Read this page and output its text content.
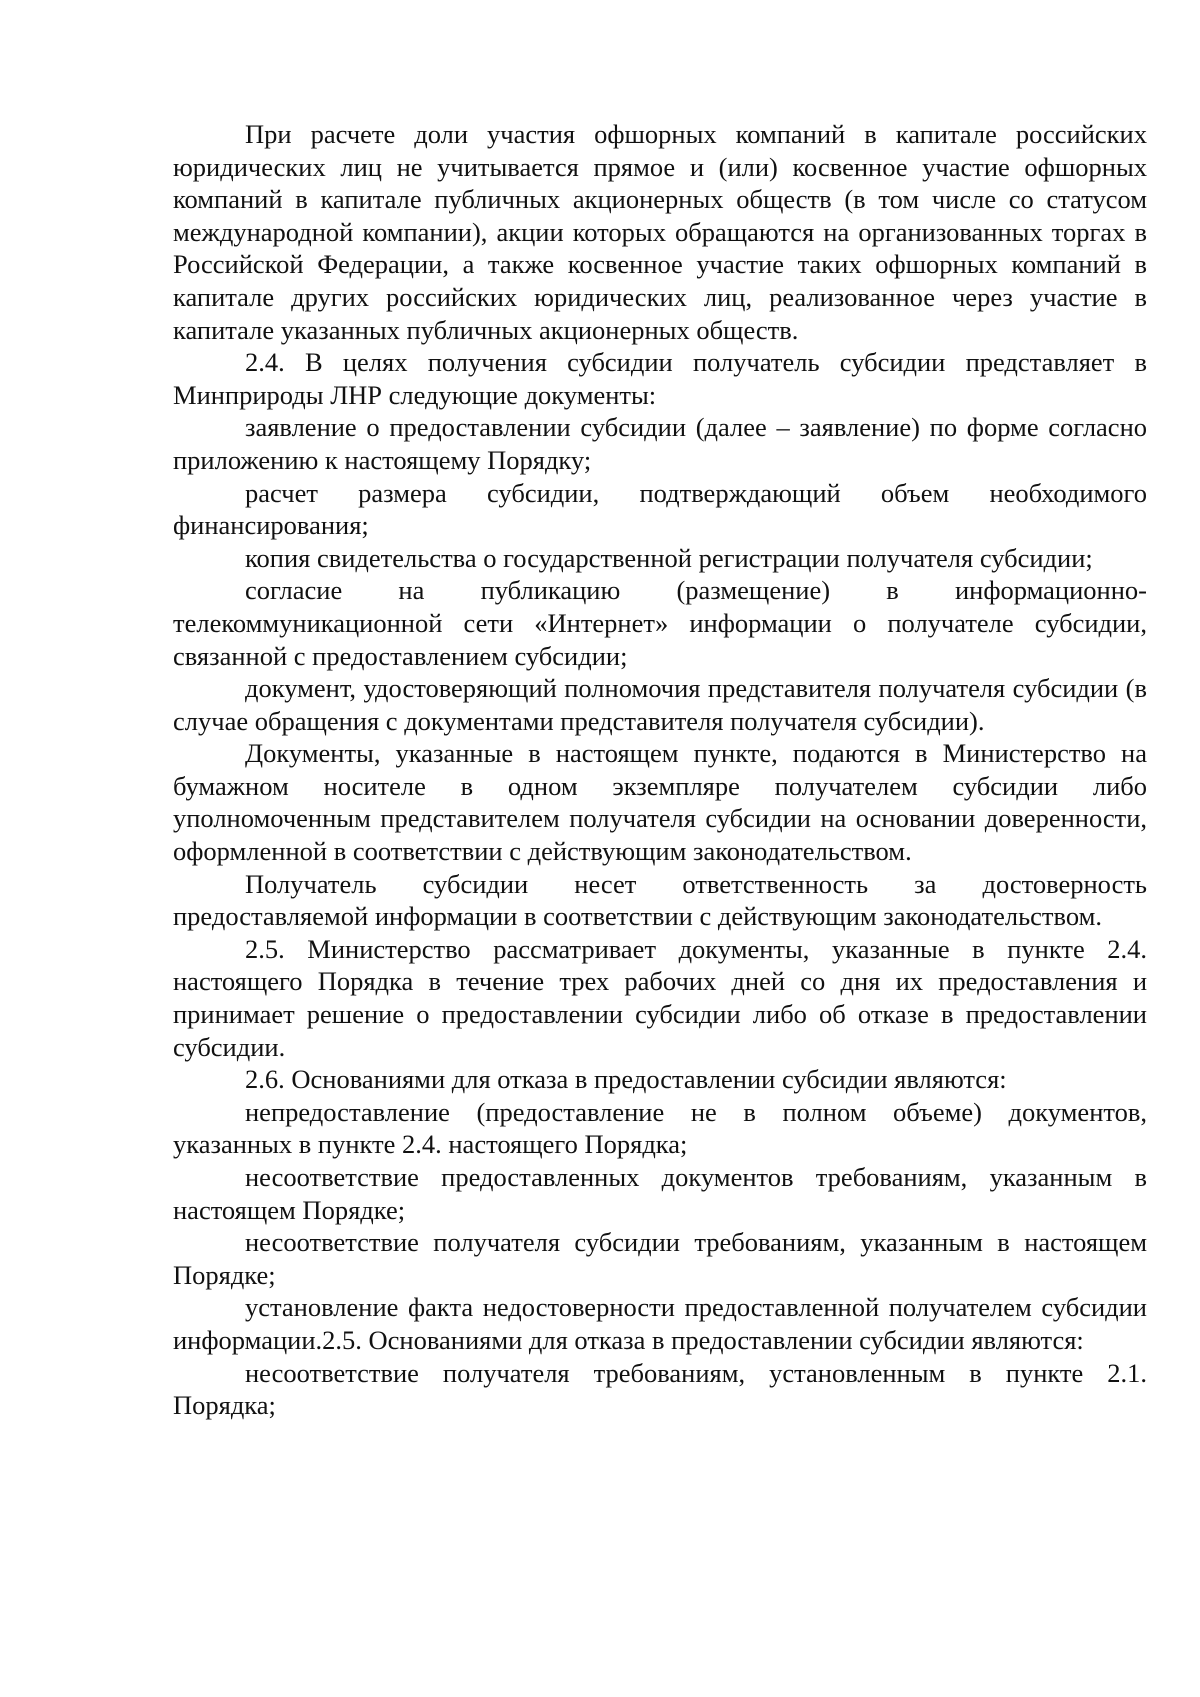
При расчете доли участия офшорных компаний в капитале российских юридических лиц не учитывается прямое и (или) косвенное участие офшорных компаний в капитале публичных акционерных обществ (в том числе со статусом международной компании), акции которых обращаются на организованных торгах в Российской Федерации, а также косвенное участие таких офшорных компаний в капитале других российских юридических лиц, реализованное через участие в капитале указанных публичных акционерных обществ.

2.4. В целях получения субсидии получатель субсидии представляет в Минприроды ЛНР следующие документы:

заявление о предоставлении субсидии (далее – заявление) по форме согласно приложению к настоящему Порядку;

расчет размера субсидии, подтверждающий объем необходимого финансирования;

копия свидетельства о государственной регистрации получателя субсидии;

согласие на публикацию (размещение) в информационно-телекоммуникационной сети «Интернет» информации о получателе субсидии, связанной с предоставлением субсидии;

документ, удостоверяющий полномочия представителя получателя субсидии (в случае обращения с документами представителя получателя субсидии).

Документы, указанные в настоящем пункте, подаются в Министерство на бумажном носителе в одном экземпляре получателем субсидии либо уполномоченным представителем получателя субсидии на основании доверенности, оформленной в соответствии с действующим законодательством.

Получатель субсидии несет ответственность за достоверность предоставляемой информации в соответствии с действующим законодательством.

2.5. Министерство рассматривает документы, указанные в пункте 2.4. настоящего Порядка в течение трех рабочих дней со дня их предоставления и принимает решение о предоставлении субсидии либо об отказе в предоставлении субсидии.

2.6. Основаниями для отказа в предоставлении субсидии являются:

непредоставление (предоставление не в полном объеме) документов, указанных в пункте 2.4. настоящего Порядка;

несоответствие предоставленных документов требованиям, указанным в настоящем Порядке;

несоответствие получателя субсидии требованиям, указанным в настоящем Порядке;

установление факта недостоверности предоставленной получателем субсидии информации.2.5. Основаниями для отказа в предоставлении субсидии являются:

несоответствие получателя требованиям, установленным в пункте 2.1. Порядка;
